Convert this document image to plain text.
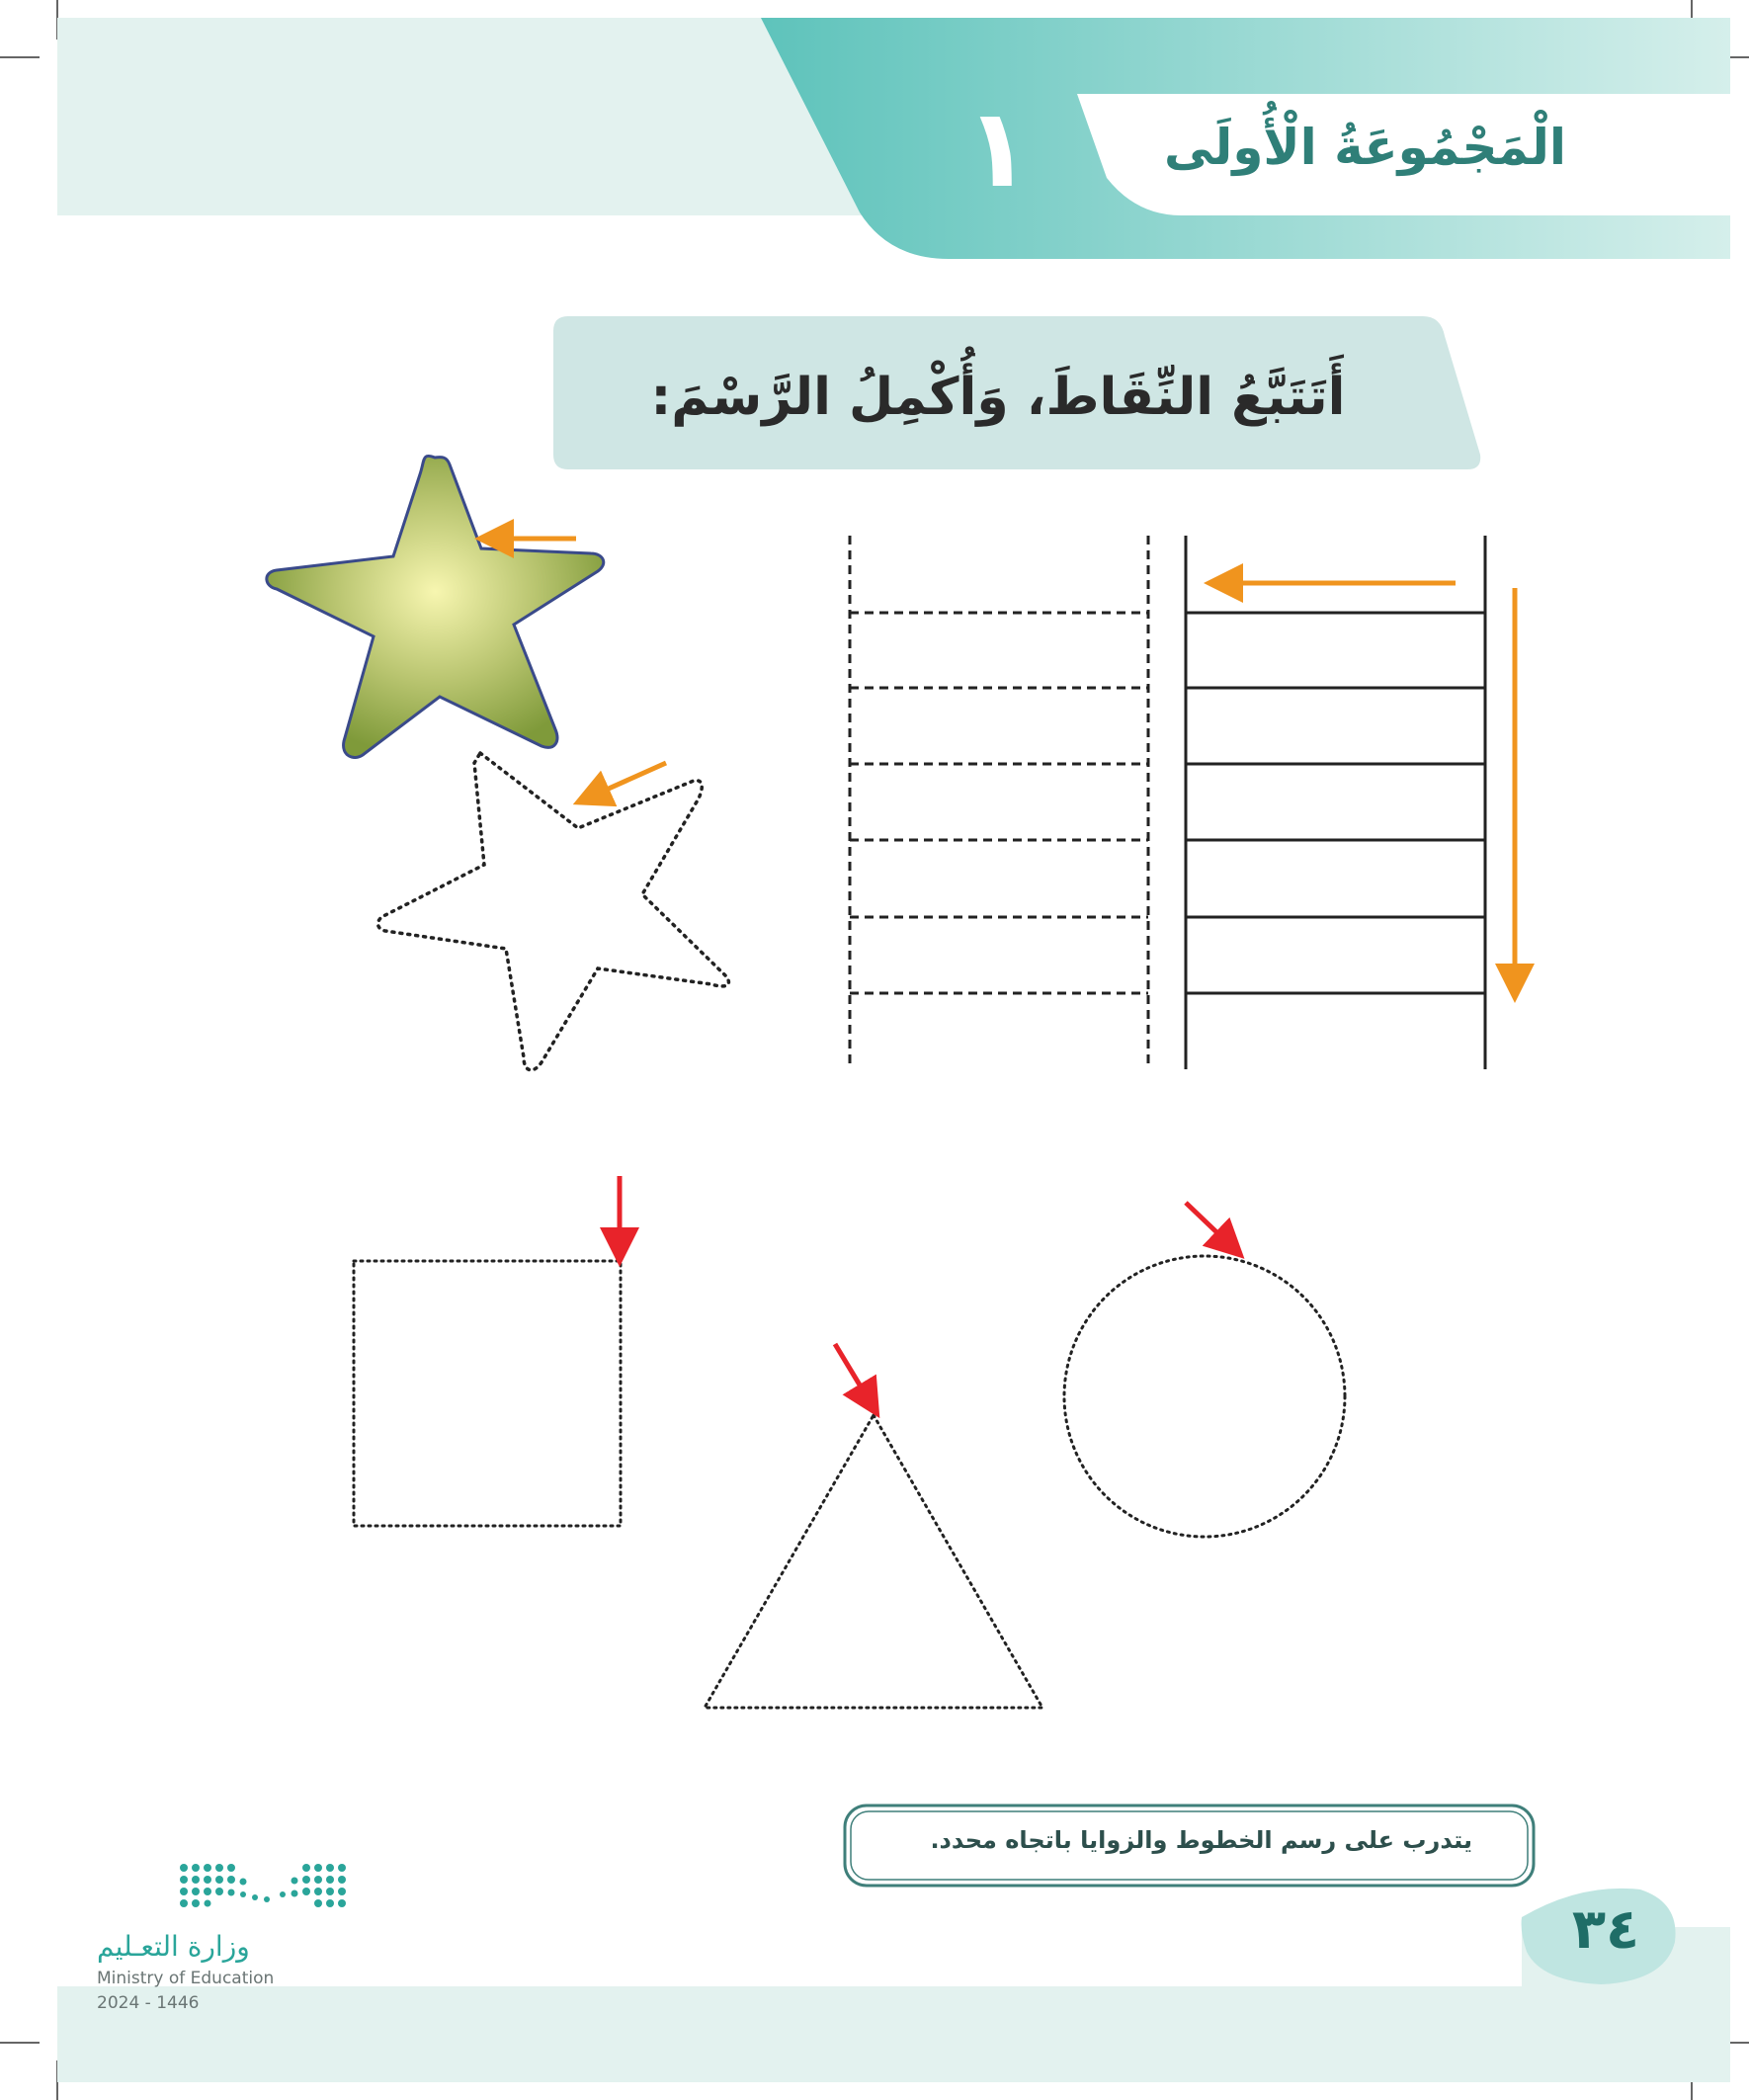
١	الْمَجْمُوعَةُ الْأُولَى
أَتَتَبَّعُ النِّقَاطَ، وَأُكْمِلُ الرَّسْمَ:
يتدرب على رسم الخطوط والزوايا باتجاه محدد.
٣٤
وزارة التعـليم
Ministry of Education
2024 - 1446
